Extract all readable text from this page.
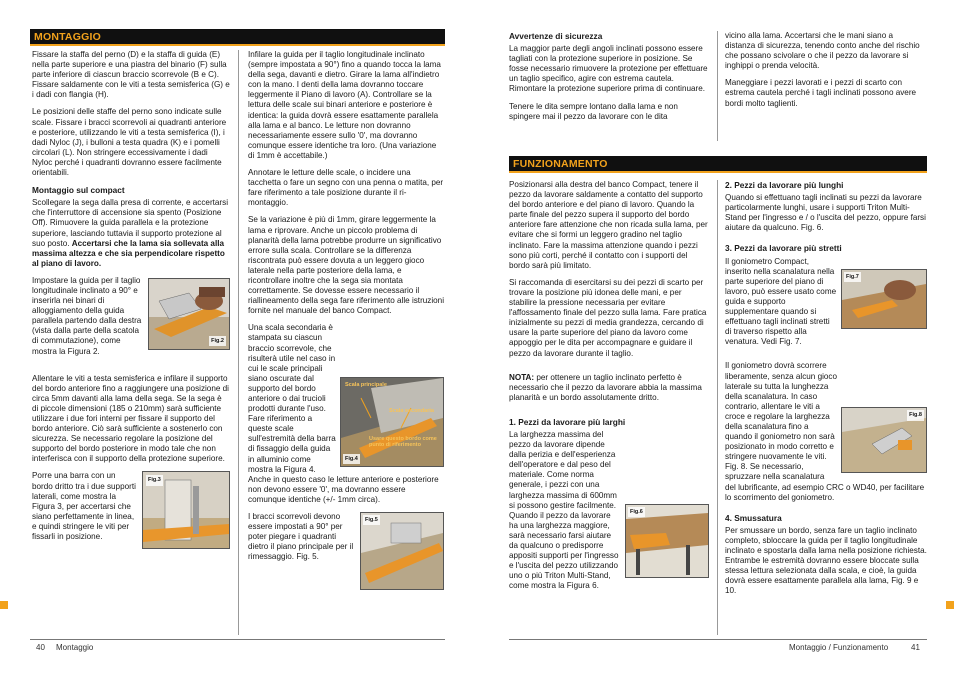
MONTAGGIO

Fissare la staffa del perno (D) e la staffa di guida (E) nella parte superiore e una piastra del binario (F) sulla parte inferiore di ciascun braccio scorrevole (B e C). Fissare saldamente con le viti a testa semisferica (G) e i dadi con flangia (H).

Le posizioni delle staffe del perno sono indicate sulle scale. Fissare i bracci scorrevoli ai quadranti anteriore e posteriore, utilizzando le viti a testa semisferica (I), i dadi Nyloc (J), i bulloni a testa quadra (K) e i pomelli circolari (L). Non stringere eccessivamente i dadi Nyloc perché i quadranti dovranno essere facilmente orientabili.

Montaggio sul compact

Scollegare la sega dalla presa di corrente, e accertarsi che l'interruttore di accensione sia spento (Posizione Off). Rimuovere la guida parallela e la protezione superiore, lasciando tuttavia il supporto protezione al suo posto. Accertarsi che la lama sia sollevata alla massima altezza e che sia perpendicolare rispetto al piano di lavoro.

Fig.2

Impostare la guida per il taglio longitudinale inclinato a 90° e inserirla nei binari di alloggiamento della guida parallela partendo dalla destra (vista dalla parte della scatola di commutazione), come mostra la Figura 2.

Allentare le viti a testa semisferica e infilare il supporto del bordo anteriore fino a raggiungere una posizione di circa 5mm davanti alla lama della sega. Se la sega è di piccole dimensioni (185 o 210mm) sarà sufficiente utilizzare i due fori interni per fissare il supporto del bordo anteriore. Ciò sarà sufficiente a sostenerlo con sicurezza. Se necessario regolare la posizione del supporto del bordo posteriore in modo tale che non interferisca con il supporto della protezione superiore.

Fig.3

Porre una barra con un bordo dritto tra i due supporti laterali, come mostra la Figura 3, per accertarsi che siano perfettamente in linea, e quindi stringere le viti per fissarli in posizione.

Infilare la guida per il taglio longitudinale inclinato (sempre impostata a 90°) fino a quando tocca la lama della sega, davanti e dietro. Girare la lama all'indietro con la mano. I denti della lama dovranno toccare leggermente il Piano di lavoro (A). Controllare se la lettura delle scale sui binari anteriore e posteriore è identica: la guida dovrà essere esattamente parallela alla lama e al banco. Le letture non dovranno necessariamente essere sullo '0', ma dovranno comunque essere identiche tra loro. (Una variazione di 1mm è accettabile.)

Annotare le letture delle scale, o incidere una tacchetta o fare un segno con una penna o matita, per fare riferimento a tale posizione durante il ri-montaggio.

Se la variazione è più di 1mm, girare leggermente la lama e riprovare. Anche un piccolo problema di planarità della lama potrebbe produrre un significativo errore sulla scala. Controllare se la differenza riscontrata può essere dovuta a un leggero gioco laterale nella parte posteriore della lama, e ricontrollare inoltre che la sega sia montata correttamente. Se dovesse essere necessario il riallineamento della sega fare riferimento alle istruzioni fornite nel manuale del banco Compact.

Scala principale
Scala secondaria
Usare questo bordo come punto di riferimento
Fig.4

Una scala secondaria è stampata su ciascun braccio scorrevole, che risulterà utile nel caso in cui le scale principali siano oscurate dal supporto del bordo anteriore o dai trucioli prodotti durante l'uso. Fare riferimento a queste scale sull'estremità della barra di fissaggio della guida in alluminio come mostra la Figura 4. Anche in questo caso le letture anteriore e posteriore non devono essere '0', ma dovranno essere comunque identiche (+/- 1mm circa).

Fig.5

I bracci scorrevoli devono essere impostati a 90° per poter piegare i quadranti dietro il piano principale per il rimessaggio. Fig. 5.

40 Montaggio
Avvertenze di sicurezza

La maggior parte degli angoli inclinati possono essere tagliati con la protezione superiore in posizione. Se fosse necessario rimuovere la protezione per effettuare un taglio specifico, agire con estrema cautela. Rimontare la protezione superiore prima di continuare.

Tenere le dita sempre lontano dalla lama e non spingere mai il pezzo da lavorare con le dita

vicino alla lama. Accertarsi che le mani siano a distanza di sicurezza, tenendo conto anche del rischio che possano scivolare o che il pezzo da lavorare si inghippi o prenda velocità.

Maneggiare i pezzi lavorati e i pezzi di scarto con estrema cautela perché i tagli inclinati possono avere bordi molto taglienti.

FUNZIONAMENTO

Posizionarsi alla destra del banco Compact, tenere il pezzo da lavorare saldamente a contatto del supporto del bordo anteriore e del piano di lavoro. Quando la parte finale del pezzo supera il supporto del bordo anteriore fare attenzione che non ricada sulla lama, per evitare che si formi un leggero gradino nel taglio inclinato. Fare la massima attenzione quando i pezzi sono più corti, perché il contatto con i supporti del bordo sarà più limitato.

Si raccomanda di esercitarsi su dei pezzi di scarto per trovare la posizione più idonea delle mani, e per stabilire la pressione necessaria per evitare l'affossamento finale del pezzo sulla lama. Fare pratica inizialmente su pezzi di media grandezza, cercando di usare la parte superiore del piano da lavoro come appoggio per le dita per accompagnare e guidare il pezzo da lavorare durante il taglio.

NOTA: per ottenere un taglio inclinato perfetto è necessario che il pezzo da lavorare abbia la massima planarità e un bordo assolutamente dritto.

1. Pezzi da lavorare più larghi
Fig.6

La larghezza massima del pezzo da lavorare dipende dalla perizia e dell'esperienza dell'operatore e dal peso del materiale. Come norma generale, i pezzi con una larghezza massima di 600mm si possono gestire facilmente. Quando il pezzo da lavorare ha una larghezza maggiore, sarà necessario farsi aiutare da qualcuno o predisporre appositi supporti per l'ingresso e l'uscita del pezzo utilizzando uno o più Triton Multi-Stand, come mostra la Figura 6.

2. Pezzi da lavorare più lunghi

Quando si effettuano tagli inclinati su pezzi da lavorare particolarmente lunghi, usare i supporti Triton Multi-Stand per l'ingresso e / o l'uscita del pezzo, oppure farsi aiutare da qualcuno. Fig. 6.

3. Pezzi da lavorare più stretti
Fig.7

Il goniometro Compact, inserito nella scanalatura nella parte superiore del piano di lavoro, può essere usato come guida e supporto supplementare quando si effettuano tagli inclinati stretti di traverso rispetto alla venatura. Vedi Fig. 7.

Fig.8

Il goniometro dovrà scorrere liberamente, senza alcun gioco laterale su tutta la lunghezza della scanalatura. In caso contrario, allentare le viti a croce e regolare la larghezza della scanalatura fino a quando il goniometro non sarà posizionato in modo corretto e stringere nuovamente le viti. Fig. 8. Se necessario, spruzzare nella scanalatura del lubrificante, ad esempio CRC o WD40, per facilitare lo scorrimento del goniometro.

4. Smussatura

Per smussare un bordo, senza fare un taglio inclinato completo, sbloccare la guida per il taglio longitudinale inclinato e spostarla dalla lama nella posizione richiesta. Entrambe le estremità dovranno essere bloccate sulla stessa lettura selezionata dalla scala, e cioè, la guida dovrà essere esattamente parallela alla lama, Fig. 9 e 10.

Montaggio / Funzionamento	41
